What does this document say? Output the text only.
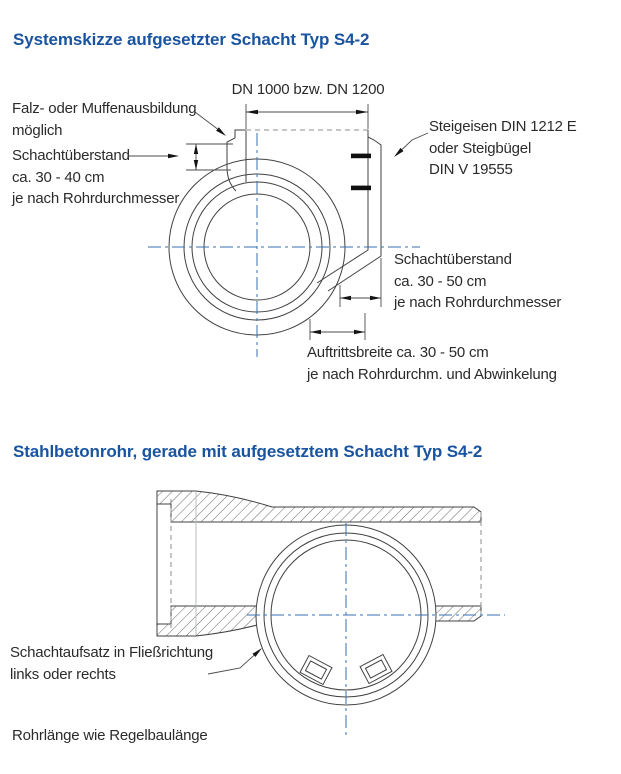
Systemskizze aufgesetzter Schacht Typ S4-2
DN 1000 bzw. DN 1200
Falz- oder Muffenausbildung
möglich
Schachtüberstand
ca. 30 - 40 cm
je nach Rohrdurchmesser
Steigeisen DIN 1212 E
oder Steigbügel
DIN V 19555
Schachtüberstand
ca. 30 - 50 cm
je nach Rohrdurchmesser
Auftrittsbreite ca. 30 - 50 cm
je nach Rohrdurchm. und Abwinkelung
Stahlbetonrohr, gerade mit aufgesetztem Schacht Typ S4-2
Schachtaufsatz in Fließrichtung
links oder rechts
Rohrlänge wie Regelbaulänge
